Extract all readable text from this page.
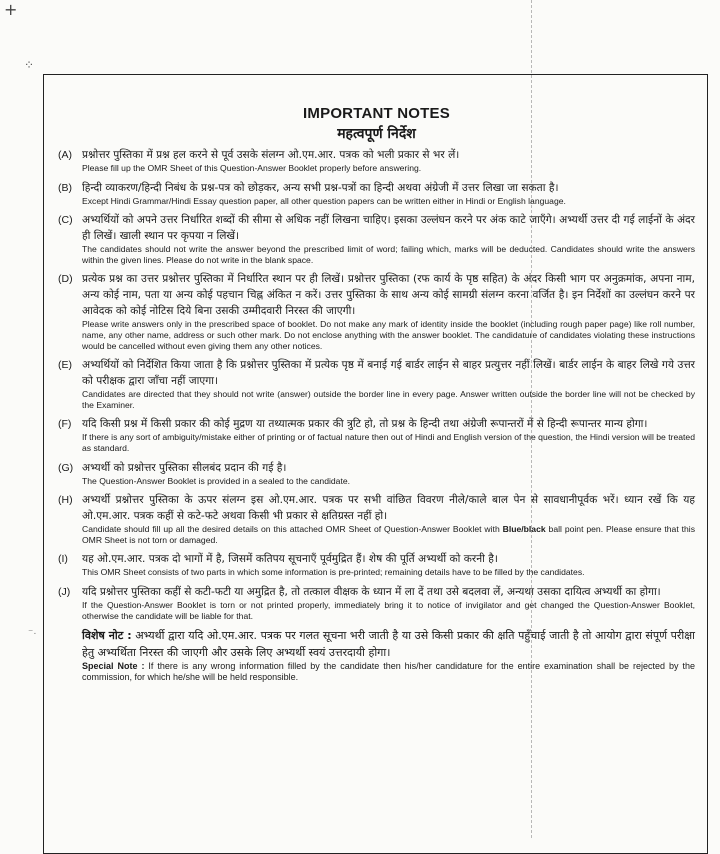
+
⁘
⁻·
IMPORTANT NOTES
महत्वपूर्ण निर्देश
(A) प्रश्नोत्तर पुस्तिका में प्रश्न हल करने से पूर्व उसके संलग्न ओ.एम.आर. पत्रक को भली प्रकार से भर लें।
Please fill up the OMR Sheet of this Question-Answer Booklet properly before answering.
(B) हिन्दी व्याकरण/हिन्दी निबंध के प्रश्न-पत्र को छोड़कर, अन्य सभी प्रश्न-पत्रों का हिन्दी अथवा अंग्रेजी में उत्तर लिखा जा सकता है।
Except Hindi Grammar/Hindi Essay question paper, all other question papers can be written either in Hindi or English language.
(C) अभ्यर्थियों को अपने उत्तर निर्धारित शब्दों की सीमा से अधिक नहीं लिखना चाहिए। इसका उल्लंघन करने पर अंक काटे जाएँगे। अभ्यर्थी उत्तर दी गई लाईनों के अंदर ही लिखें। खाली स्थान पर कृपया न लिखें।
The candidates should not write the answer beyond the prescribed limit of word; failing which, marks will be deducted. Candidates should write the answers within the given lines. Please do not write in the blank space.
(D) प्रत्येक प्रश्न का उत्तर प्रश्नोत्तर पुस्तिका में निर्धारित स्थान पर ही लिखें। प्रश्नोत्तर पुस्तिका (रफ कार्य के पृष्ठ सहित) के अंदर किसी भाग पर अनुक्रमांक, अपना नाम, अन्य कोई नाम, पता या अन्य कोई पहचान चिह्न अंकित न करें। उत्तर पुस्तिका के साथ अन्य कोई सामग्री संलग्न करना वर्जित है। इन निर्देशों का उल्लंघन करने पर आवेदक को कोई नोटिस दिये बिना उसकी उम्मीदवारी निरस्त की जाएगी।
Please write answers only in the prescribed space of booklet. Do not make any mark of identity inside the booklet (including rough paper page) like roll number, name, any other name, address or such other mark. Do not enclose anything with the answer booklet. The candidature of candidates violating these instructions would be cancelled without even giving them any other notices.
(E) अभ्यर्थियों को निर्देशित किया जाता है कि प्रश्नोत्तर पुस्तिका में प्रत्येक पृष्ठ में बनाई गई बार्डर लाईन से बाहर प्रत्युत्तर नहीं लिखें। बार्डर लाईन के बाहर लिखे गये उत्तर को परीक्षक द्वारा जाँचा नहीं जाएगा।
Candidates are directed that they should not write (answer) outside the border line in every page. Answer written outside the border line will not be checked by the Examiner.
(F) यदि किसी प्रश्न में किसी प्रकार की कोई मुद्रण या तथ्यात्मक प्रकार की त्रुटि हो, तो प्रश्न के हिन्दी तथा अंग्रेजी रूपान्तरों में से हिन्दी रूपान्तर मान्य होगा।
If there is any sort of ambiguity/mistake either of printing or of factual nature then out of Hindi and English version of the question, the Hindi version will be treated as standard.
(G) अभ्यर्थी को प्रश्नोत्तर पुस्तिका सीलबंद प्रदान की गई है।
The Question-Answer Booklet is provided in a sealed to the candidate.
(H) अभ्यर्थी प्रश्नोत्तर पुस्तिका के ऊपर संलग्न इस ओ.एम.आर. पत्रक पर सभी वांछित विवरण नीले/काले बाल पेन से सावधानीपूर्वक भरें। ध्यान रखें कि यह ओ.एम.आर. पत्रक कहीं से कटे-फटे अथवा किसी भी प्रकार से क्षतिग्रस्त नहीं हो।
Candidate should fill up all the desired details on this attached OMR Sheet of Question-Answer Booklet with Blue/black ball point pen. Please ensure that this OMR Sheet is not torn or damaged.
(I)	यह ओ.एम.आर. पत्रक दो भागों में है, जिसमें कतिपय सूचनाएँ पूर्वमुद्रित हैं। शेष की पूर्ति अभ्यर्थी को करनी है।
This OMR Sheet consists of two parts in which some information is pre-printed; remaining details have to be filled by the candidates.
(J)	यदि प्रश्नोत्तर पुस्तिका कहीं से कटी-फटी या अमुद्रित है, तो तत्काल वीक्षक के ध्यान में ला दें तथा उसे बदलवा लें, अन्यथा उसका दायित्व अभ्यर्थी का होगा।
If the Question-Answer Booklet is torn or not printed properly, immediately bring it to notice of invigilator and get changed the Question-Answer Booklet, otherwise the candidate will be liable for that.
विशेष नोट : अभ्यर्थी द्वारा यदि ओ.एम.आर. पत्रक पर गलत सूचना भरी जाती है या उसे किसी प्रकार की क्षति पहुँचाई जाती है तो आयोग द्वारा संपूर्ण परीक्षा हेतु अभ्यर्थिता निरस्त की जाएगी और उसके लिए अभ्यर्थी स्वयं उत्तरदायी होगा।
Special Note : If there is any wrong information filled by the candidate then his/her candidature for the entire examination shall be rejected by the commission, for which he/she will be held responsible.
